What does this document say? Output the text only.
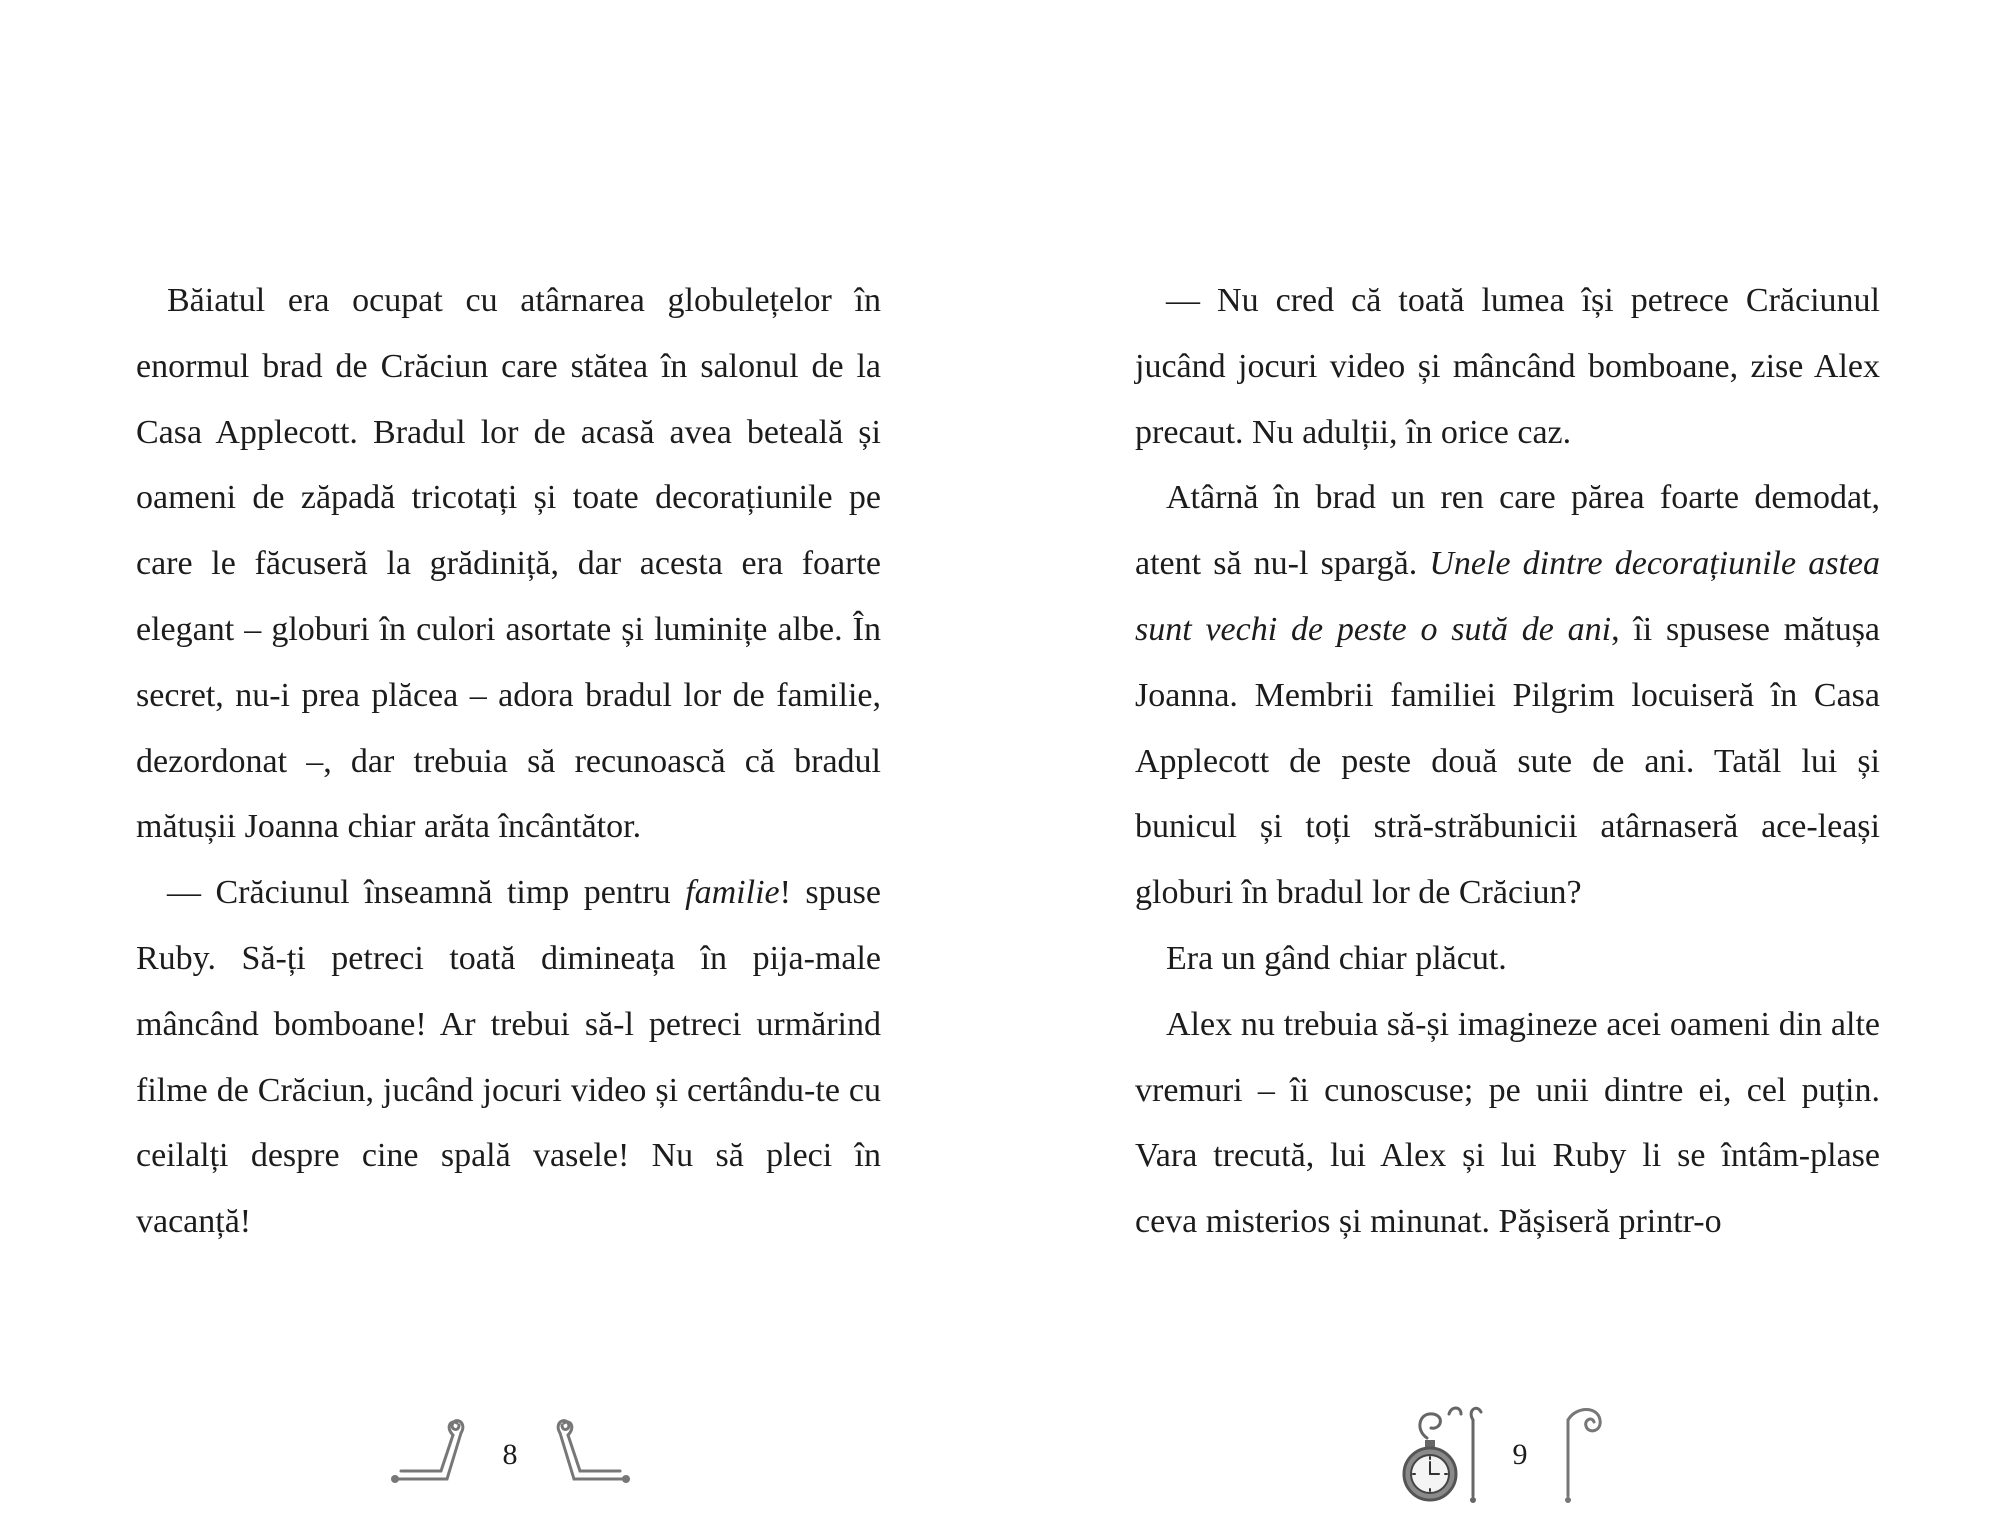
Băiatul era ocupat cu atârnarea globulețelor în enormul brad de Crăciun care stătea în salonul de la Casa Applecott. Bradul lor de acasă avea beteală și oameni de zăpadă tricotați și toate decorațiunile pe care le făcuseră la grădiniță, dar acesta era foarte elegant – globuri în culori asortate și luminițe albe. În secret, nu-i prea plăcea – adora bradul lor de familie, dezordonat –, dar trebuia să recunoască că bradul mătușii Joanna chiar arăta încântător.

— Crăciunul înseamnă timp pentru familie! spuse Ruby. Să-ți petreci toată dimineața în pija-male mâncând bomboane! Ar trebui să-l petreci urmărind filme de Crăciun, jucând jocuri video și certându-te cu ceilalți despre cine spală vasele! Nu să pleci în vacanță!

— Nu cred că toată lumea își petrece Crăciunul jucând jocuri video și mâncând bomboane, zise Alex precaut. Nu adulții, în orice caz.

Atârnă în brad un ren care părea foarte demodat, atent să nu-l spargă. Unele dintre decorațiunile astea sunt vechi de peste o sută de ani, îi spusese mătușa Joanna. Membrii familiei Pilgrim locuiseră în Casa Applecott de peste două sute de ani. Tatăl lui și bunicul și toți stră-străbunicii atârnaseră ace-leași globuri în bradul lor de Crăciun?

Era un gând chiar plăcut.

Alex nu trebuia să-și imagineze acei oameni din alte vremuri – îi cunoscuse; pe unii dintre ei, cel puțin. Vara trecută, lui Alex și lui Ruby li se întâm-plase ceva misterios și minunat. Pășiseră printr-o

8	9
